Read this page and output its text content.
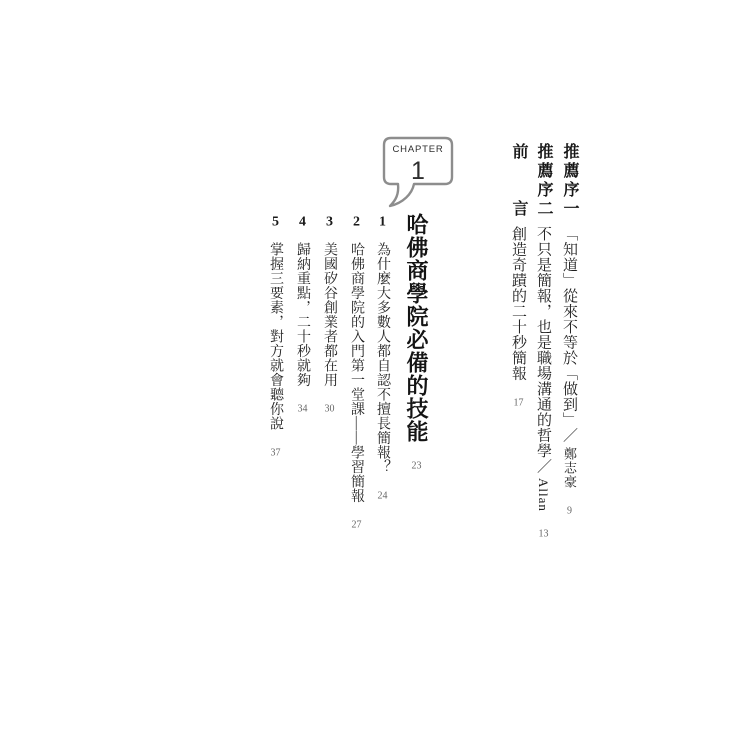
推薦序一 「知道」從來不等於「做到」／ 鄭志豪 9
推薦序二 不只是簡報，也是職場溝通的哲學／ Allan 13
前　　言 創造奇蹟的二十秒簡報 17
CHAPTER
1
哈佛商學院必備的技能 23
1 為什麼大多數人都自認不擅長簡報？ 24
2 哈佛商學院的入門第一堂課——學習簡報 27
3 美國矽谷創業者都在用 30
4 歸納重點，二十秒就夠 34
5 掌握三要素，對方就會聽你說 37
